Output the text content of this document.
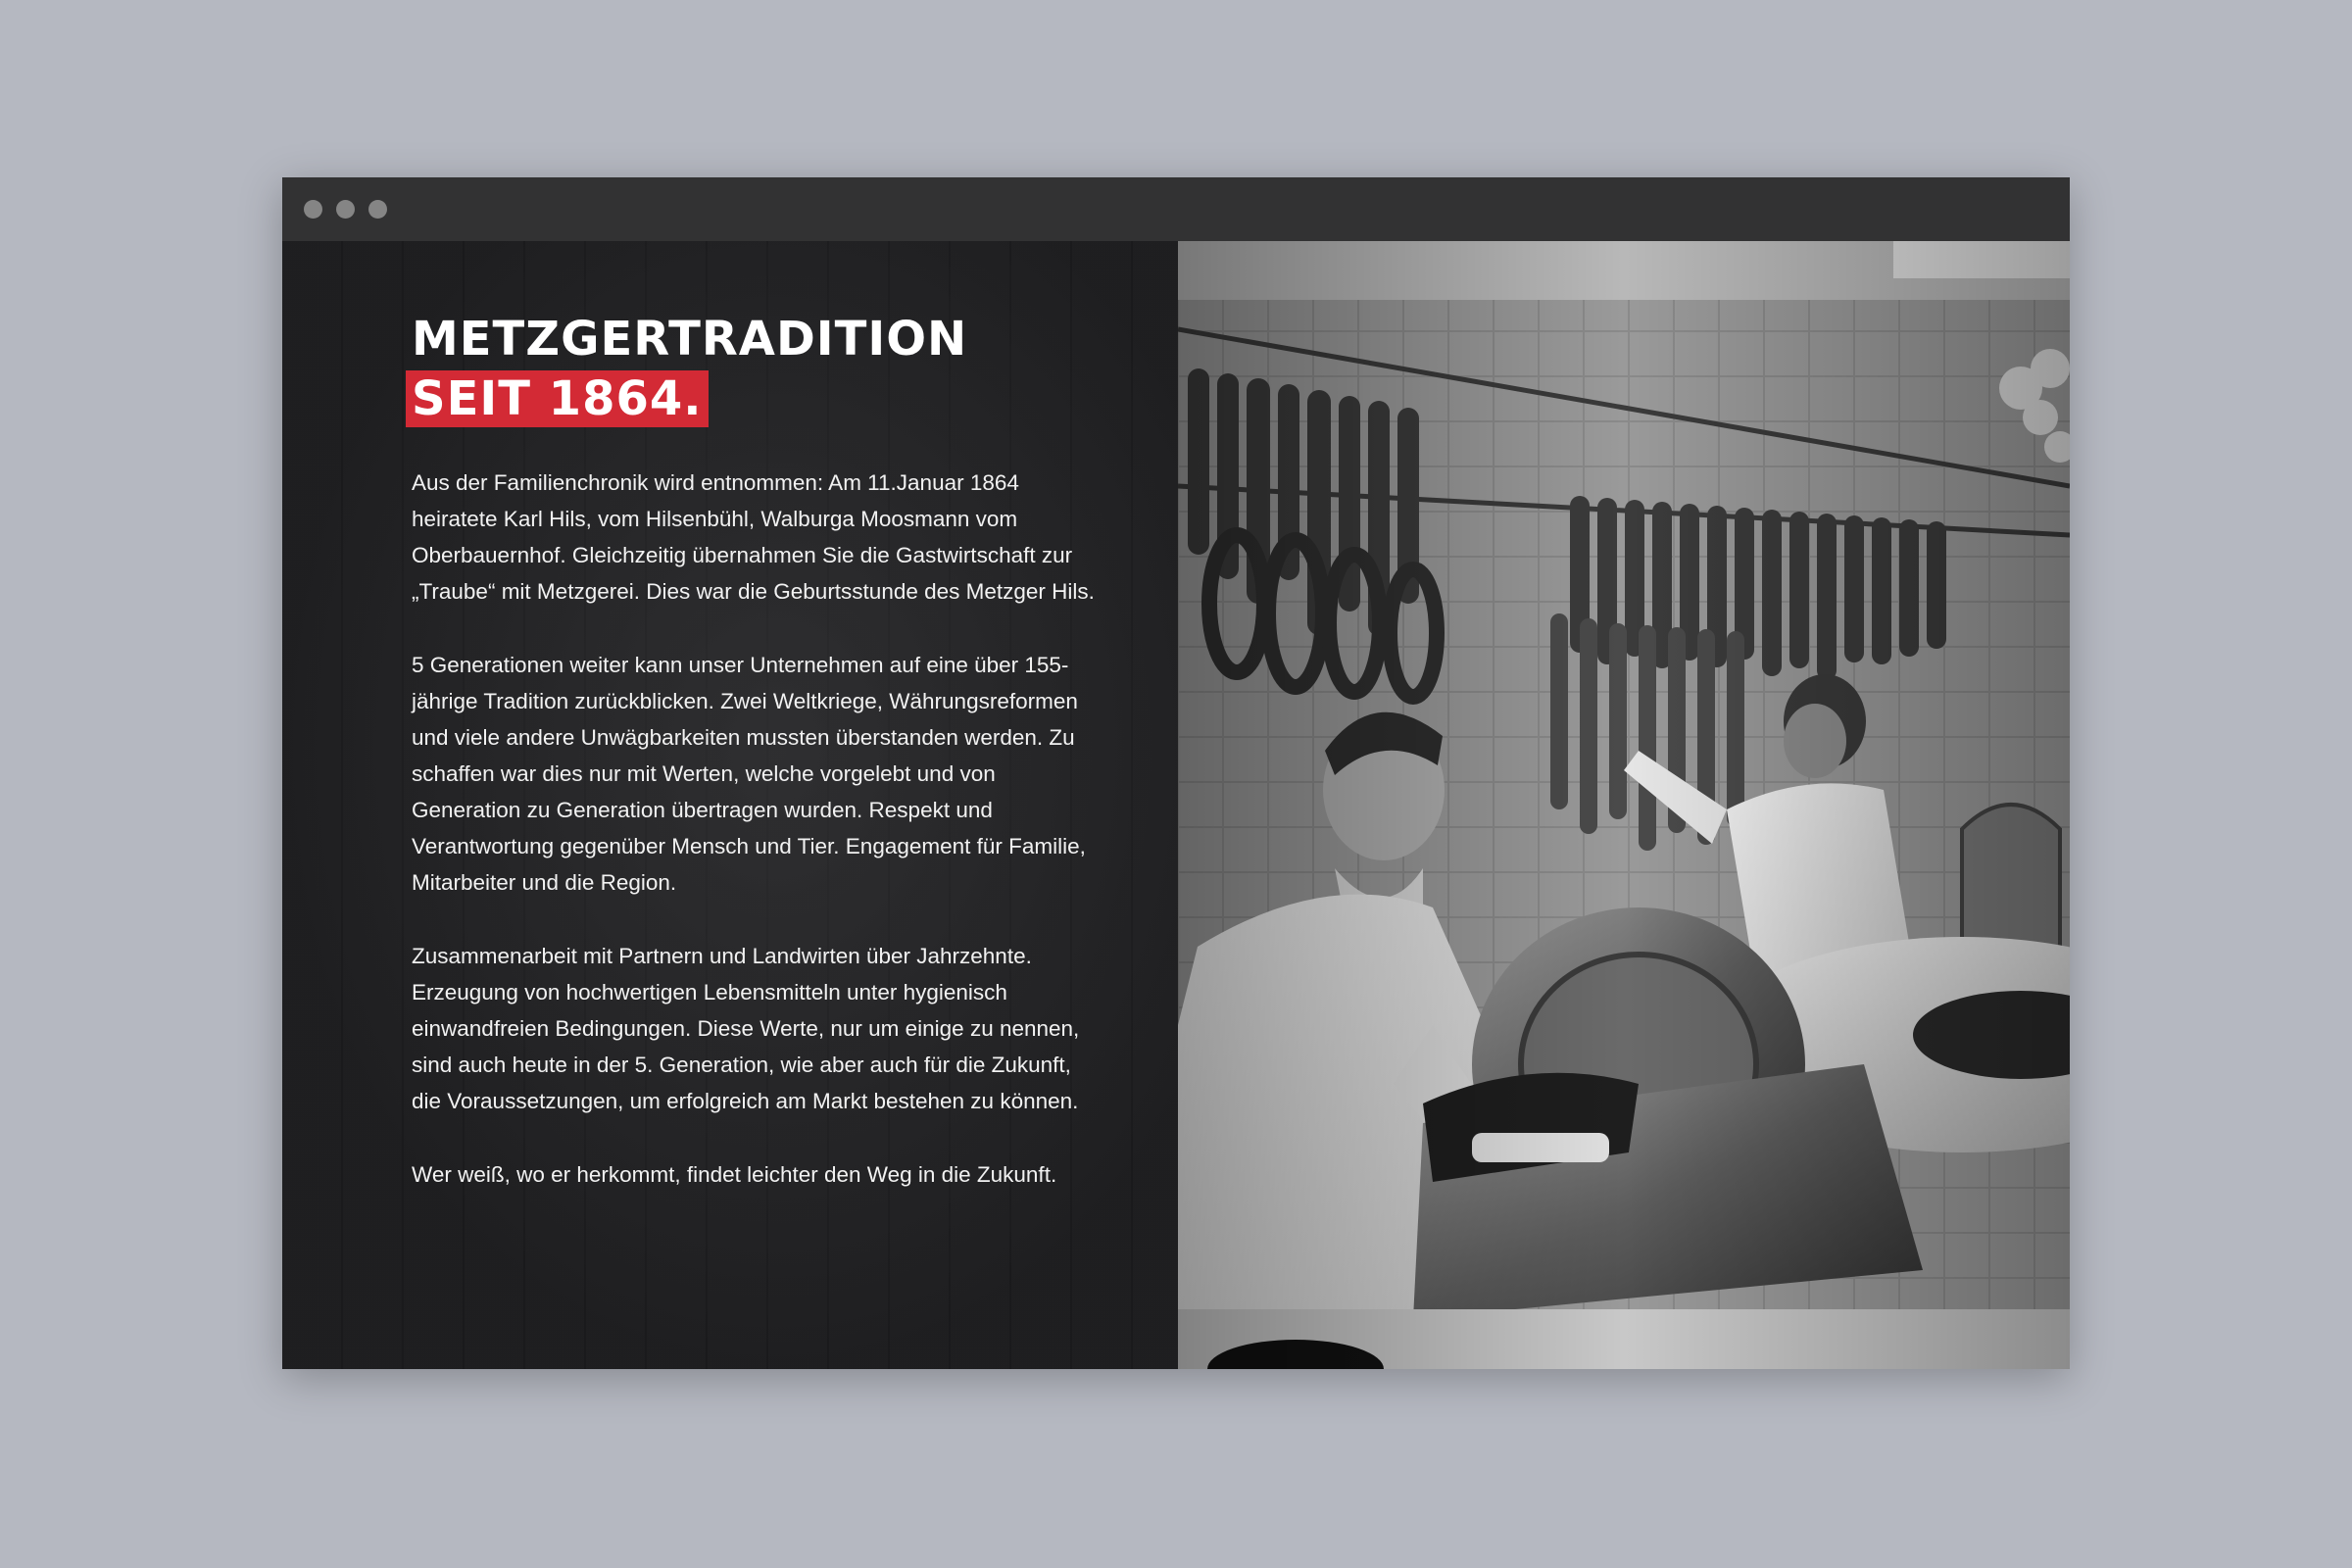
METZGERTRADITION
SEIT 1864.

Aus der Familienchronik wird entnommen: Am 11.Januar 1864 heiratete Karl Hils, vom Hilsenbühl, Walburga Moosmann vom Oberbauernhof. Gleichzeitig übernahmen Sie die Gastwirtschaft zur „Traube“ mit Metzgerei. Dies war die Geburtsstunde des Metzger Hils.

5 Generationen weiter kann unser Unternehmen auf eine über 155-jährige Tradition zurückblicken. Zwei Weltkriege, Währungsreformen und viele andere Unwägbarkeiten mussten überstanden werden. Zu schaffen war dies nur mit Werten, welche vorgelebt und von Generation zu Generation übertragen wurden. Respekt und Verantwortung gegenüber Mensch und Tier. Engagement für Familie, Mitarbeiter und die Region.

Zusammenarbeit mit Partnern und Landwirten über Jahrzehnte. Erzeugung von hochwertigen Lebensmitteln unter hygienisch einwandfreien Bedingungen. Diese Werte, nur um einige zu nennen, sind auch heute in der 5. Generation, wie aber auch für die Zukunft, die Voraussetzungen, um erfolgreich am Markt bestehen zu können.

Wer weiß, wo er herkommt, findet leichter den Weg in die Zukunft.
